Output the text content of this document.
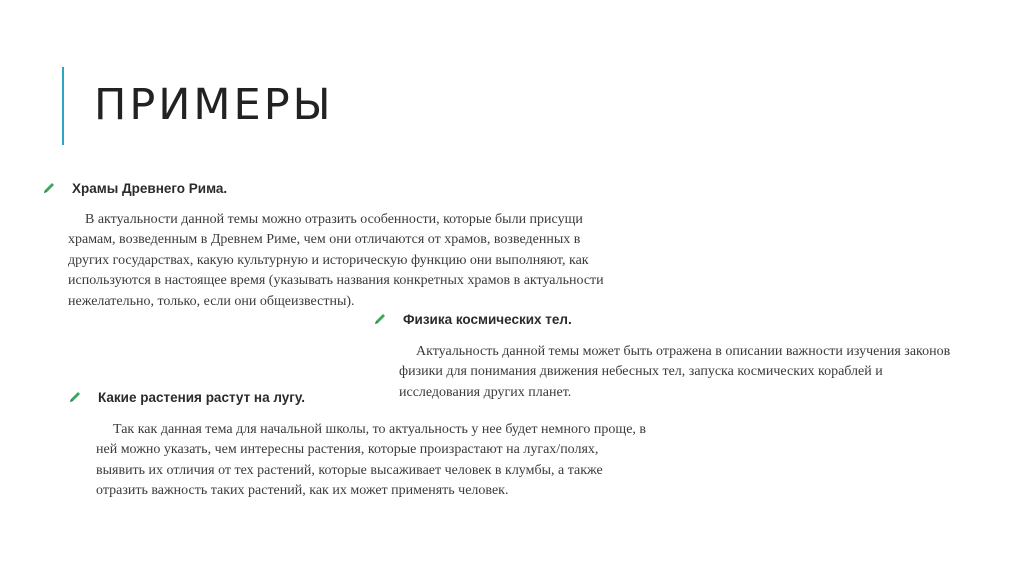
ПРИМЕРЫ
Храмы Древнего Рима.
В актуальности данной темы можно отразить особенности, которые были присущи
храмам, возведенным в Древнем Риме, чем они отличаются от храмов, возведенных в
других государствах, какую культурную и историческую функцию они выполняют, как
используются в настоящее время (указывать названия конкретных храмов в актуальности
нежелательно, только, если они общеизвестны).
Физика космических тел.
Актуальность данной темы может быть отражена в описании важности изучения законов
физики для понимания движения небесных тел, запуска космических кораблей и
исследования других планет.
Какие растения растут на лугу.
Так как данная тема для начальной школы, то актуальность у нее будет немного проще, в
ней можно указать, чем интересны растения, которые произрастают на лугах/полях,
выявить их отличия от тех растений, которые высаживает человек в клумбы, а также
отразить важность таких растений, как их может применять человек.
